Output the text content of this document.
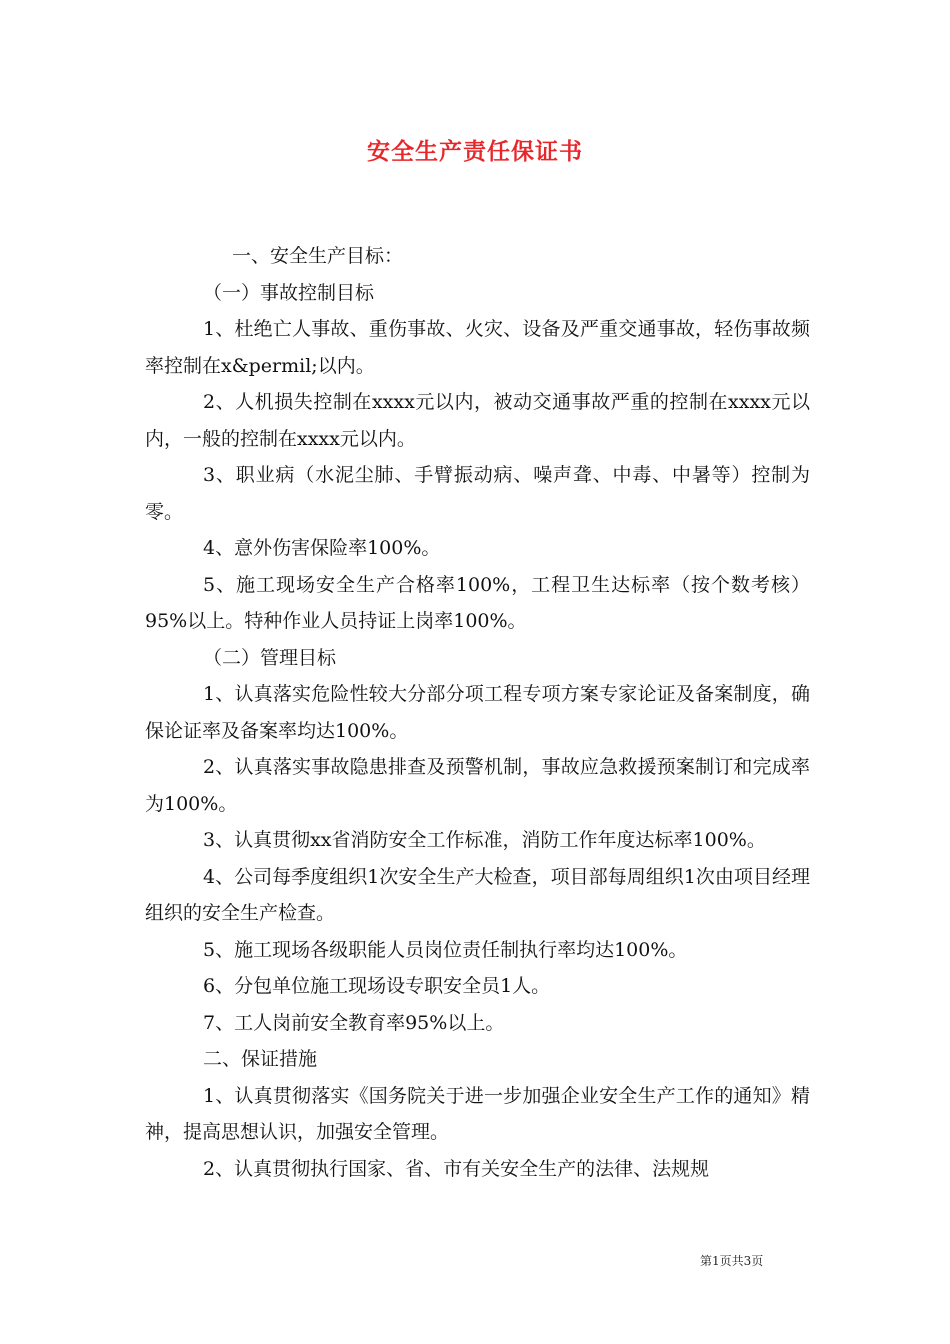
安全生产责任保证书

一、安全生产目标：

（一）事故控制目标

1、杜绝亡人事故、重伤事故、火灾、设备及严重交通事故，轻伤事故频率控制在x&permil;以内。

2、人机损失控制在xxxx元以内，被动交通事故严重的控制在xxxx元以内，一般的控制在xxxx元以内。

3、职业病（水泥尘肺、手臂振动病、噪声聋、中毒、中暑等）控制为零。

4、意外伤害保险率100%。

5、施工现场安全生产合格率100%，工程卫生达标率（按个数考核）95%以上。特种作业人员持证上岗率100%。

（二）管理目标

1、认真落实危险性较大分部分项工程专项方案专家论证及备案制度，确保论证率及备案率均达100%。

2、认真落实事故隐患排查及预警机制，事故应急救援预案制订和完成率为100%。

3、认真贯彻xx省消防安全工作标准，消防工作年度达标率100%。

4、公司每季度组织1次安全生产大检查，项目部每周组织1次由项目经理组织的安全生产检查。

5、施工现场各级职能人员岗位责任制执行率均达100%。

6、分包单位施工现场设专职安全员1人。

7、工人岗前安全教育率95%以上。

二、保证措施

1、认真贯彻落实《国务院关于进一步加强企业安全生产工作的通知》精神，提高思想认识，加强安全管理。

2、认真贯彻执行国家、省、市有关安全生产的法律、法规规

第1页共3页
